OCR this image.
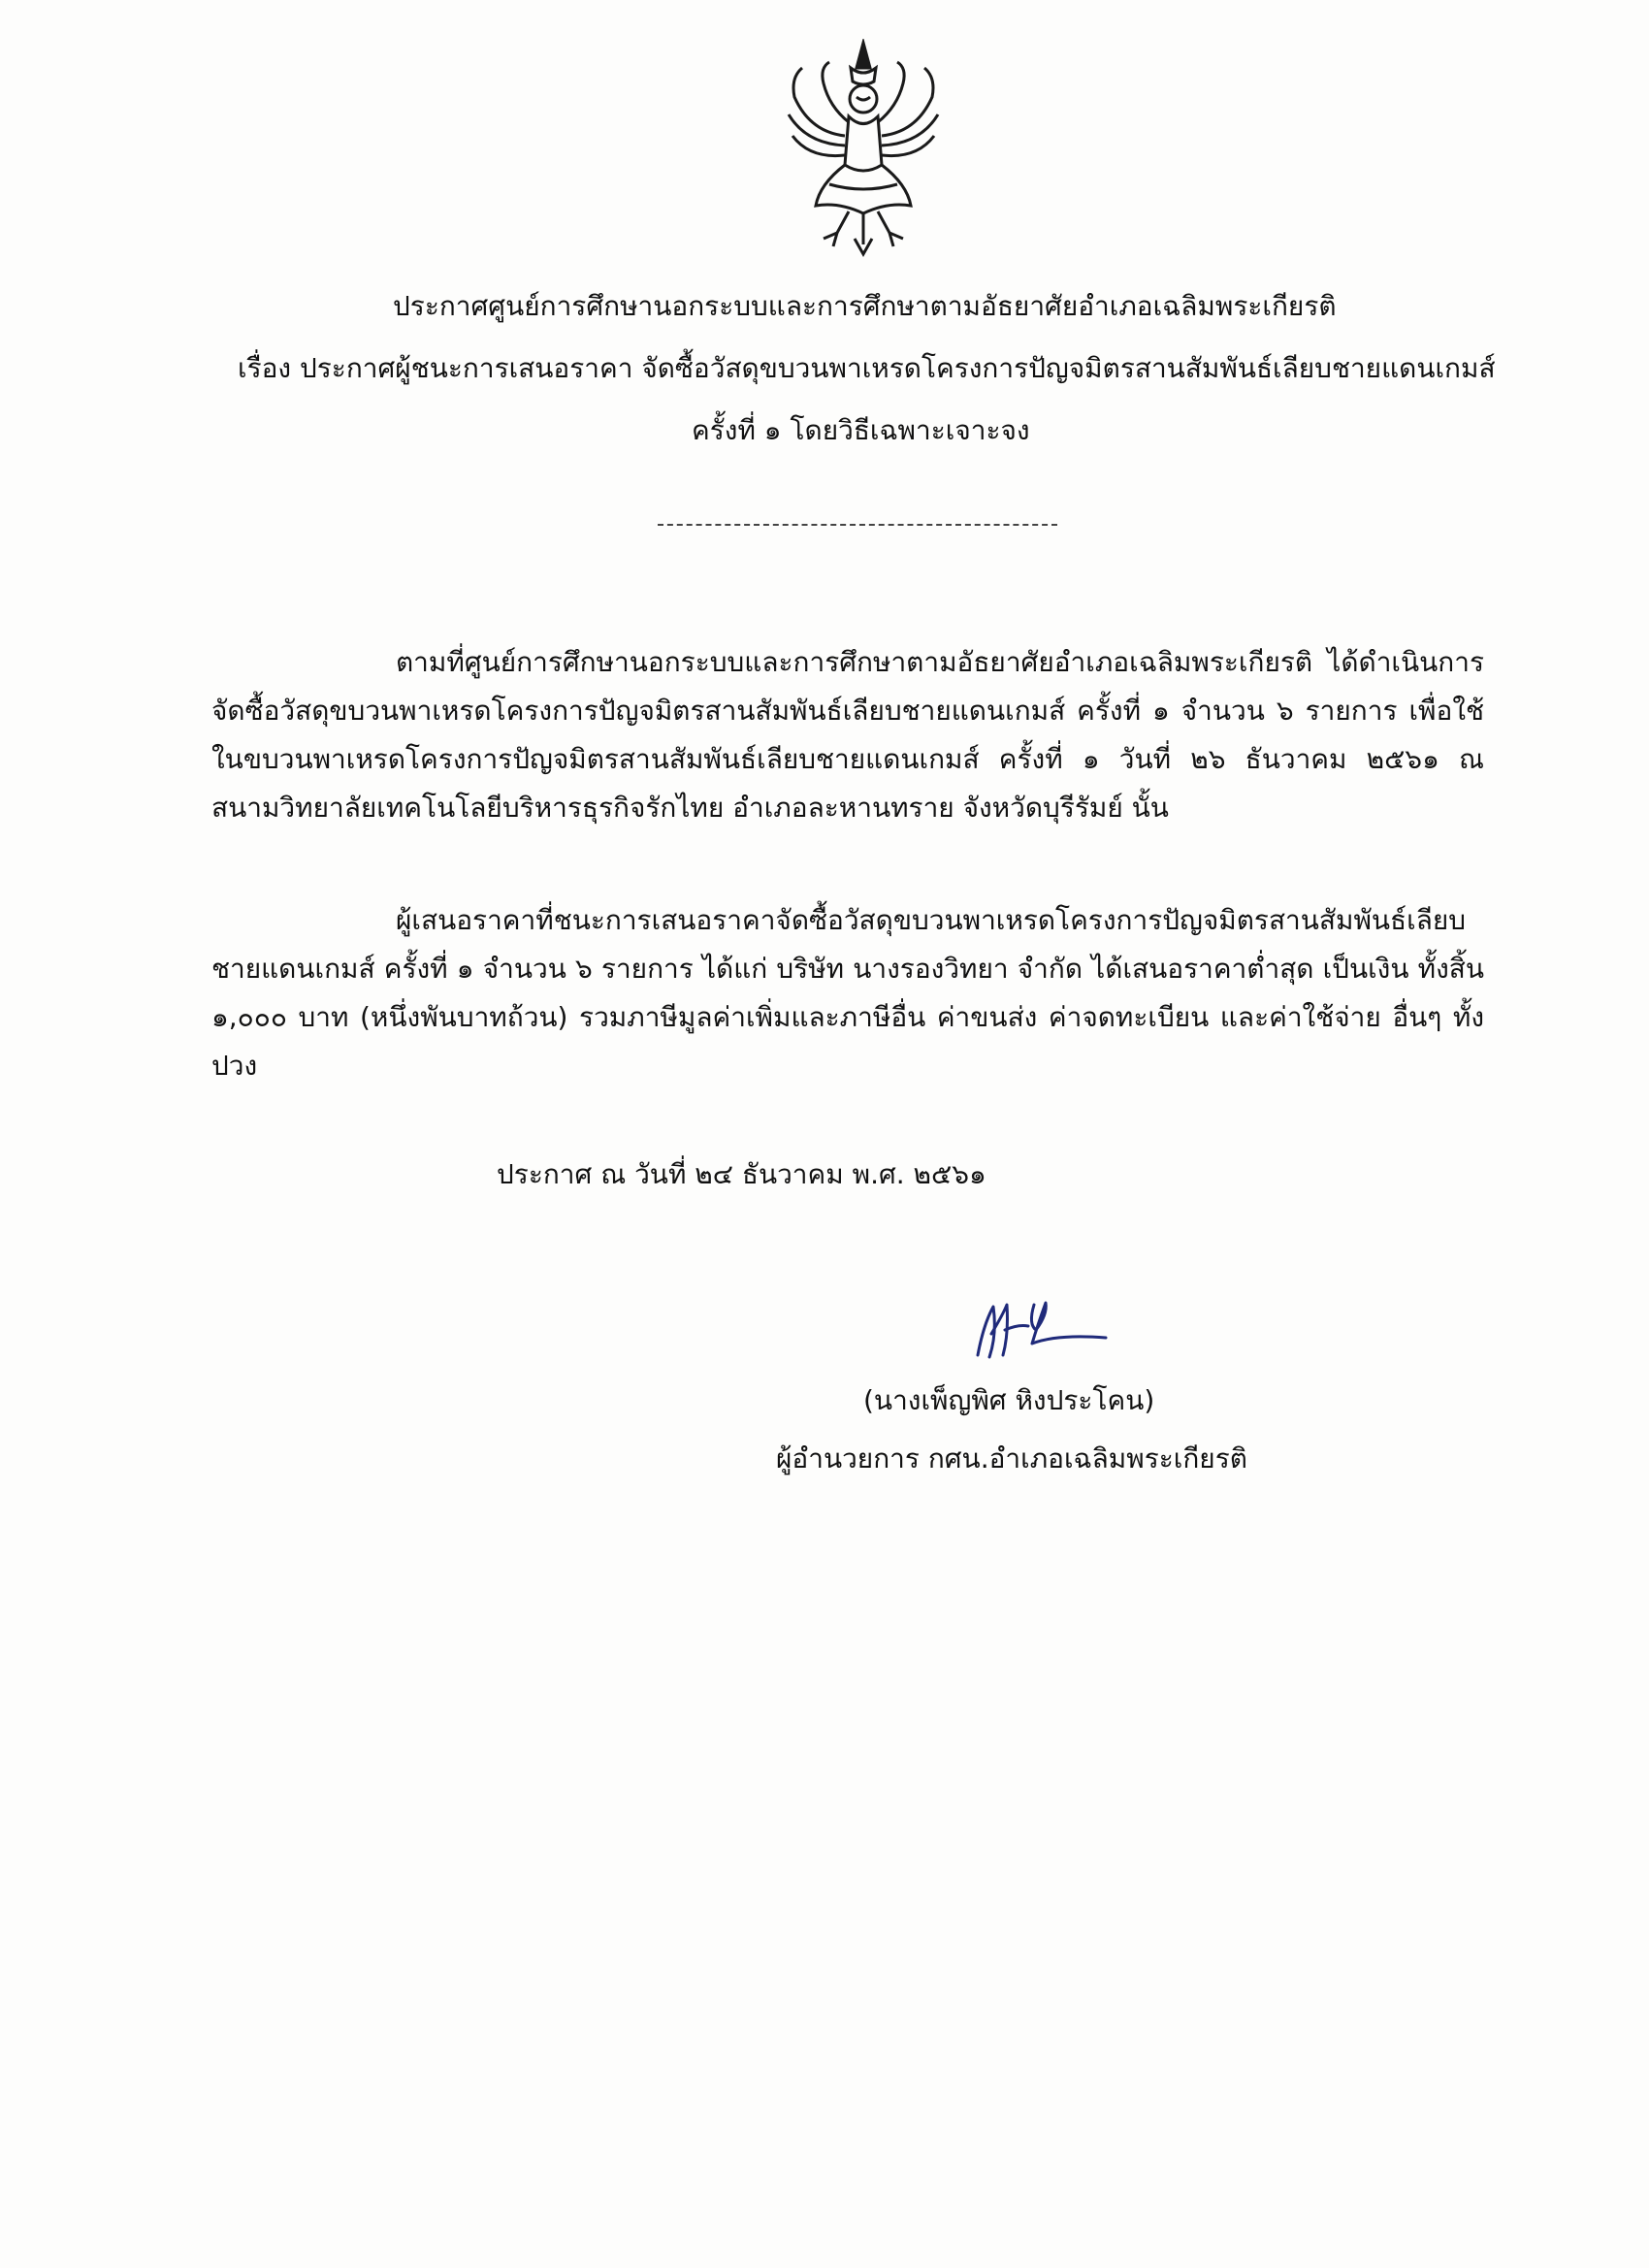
ประกาศศูนย์การศึกษานอกระบบและการศึกษาตามอัธยาศัยอำเภอเฉลิมพระเกียรติ
เรื่อง ประกาศผู้ชนะการเสนอราคา จัดซื้อวัสดุขบวนพาเหรดโครงการปัญจมิตรสานสัมพันธ์เลียบชายแดนเกมส์
ครั้งที่ ๑ โดยวิธีเฉพาะเจาะจง
ตามที่ศูนย์การศึกษานอกระบบและการศึกษาตามอัธยาศัยอำเภอเฉลิมพระเกียรติ ได้ดำเนินการ จัดซื้อวัสดุขบวนพาเหรดโครงการปัญจมิตรสานสัมพันธ์เลียบชายแดนเกมส์ ครั้งที่ ๑ จำนวน ๖ รายการ เพื่อใช้ ในขบวนพาเหรดโครงการปัญจมิตรสานสัมพันธ์เลียบชายแดนเกมส์ ครั้งที่ ๑ วันที่ ๒๖ ธันวาคม ๒๕๖๑ ณ สนามวิทยาลัยเทคโนโลยีบริหารธุรกิจรักไทย อำเภอละหานทราย จังหวัดบุรีรัมย์ นั้น
ผู้เสนอราคาที่ชนะการเสนอราคาจัดซื้อวัสดุขบวนพาเหรดโครงการปัญจมิตรสานสัมพันธ์เลียบ ชายแดนเกมส์ ครั้งที่ ๑ จำนวน ๖ รายการ ได้แก่ บริษัท นางรองวิทยา จำกัด ได้เสนอราคาต่ำสุด เป็นเงิน ทั้งสิ้น ๑,๐๐๐ บาท (หนึ่งพันบาทถ้วน) รวมภาษีมูลค่าเพิ่มและภาษีอื่น ค่าขนส่ง ค่าจดทะเบียน และค่าใช้จ่าย อื่นๆ ทั้งปวง
ประกาศ ณ วันที่ ๒๔ ธันวาคม พ.ศ. ๒๕๖๑
(นางเพ็ญพิศ หิงประโคน)
ผู้อำนวยการ กศน.อำเภอเฉลิมพระเกียรติ
